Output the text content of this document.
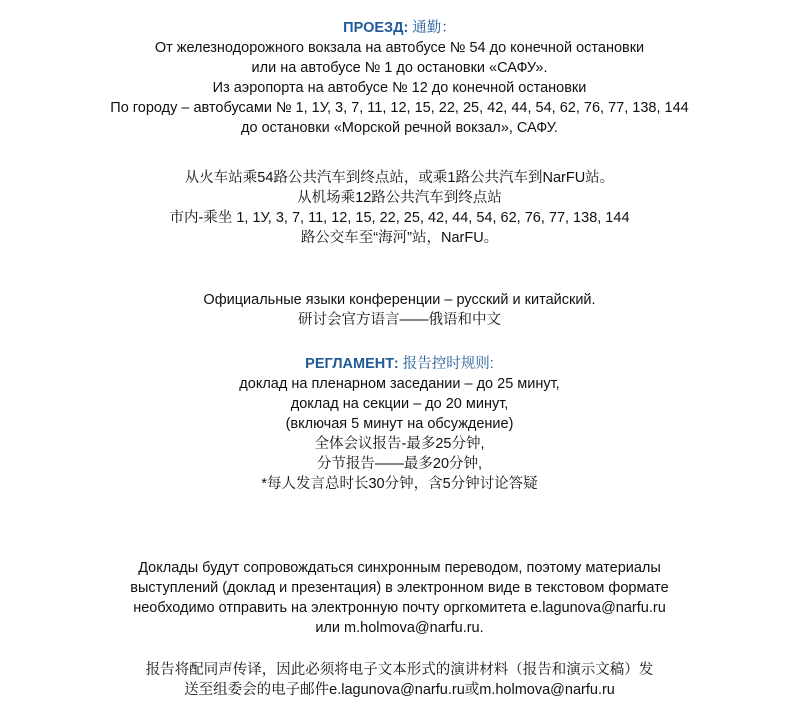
ПРОЕЗД: 通勤：
От железнодорожного вокзала на автобусе № 54 до конечной остановки
или на автобусе № 1 до остановки «САФУ».
Из аэропорта на автобусе № 12 до конечной остановки
По городу – автобусами № 1, 1У, 3, 7, 11, 12, 15, 22, 25, 42, 44, 54, 62, 76, 77, 138, 144
до остановки «Морской речной вокзал», САФУ.
从火车站乘54路公共汽车到终点站，或乘1路公共汽车到NarFU站。
从机场乘12路公共汽车到终点站
市内-乘坐 1, 1У, 3, 7, 11, 12, 15, 22, 25, 42, 44, 54, 62, 76, 77, 138, 144
路公交车至“海河”站，NarFU。
Официальные языки конференции – русский и китайский.
研讨会官方语言——俄语和中文
РЕГЛАМЕНТ: 报告控时规则:
доклад на пленарном заседании – до 25 минут,
доклад на секции – до 20 минут,
(включая 5 минут на обсуждение)
全体会议报告-最多25分钟,
分节报告——最多20分钟,
*每人发言总时长30分钟，含5分钟讨论答疑
Доклады будут сопровождаться синхронным переводом, поэтому материалы
выступлений (доклад и презентация) в электронном виде в текстовом формате
необходимо отправить на электронную почту оргкомитета e.lagunova@narfu.ru
или m.holmova@narfu.ru.
报告将配同声传译，因此必须将电子文本形式的演讲材料（报告和演示文稿）发
送至组委会的电子邮件e.lagunova@narfu.ru或m.holmova@narfu.ru
